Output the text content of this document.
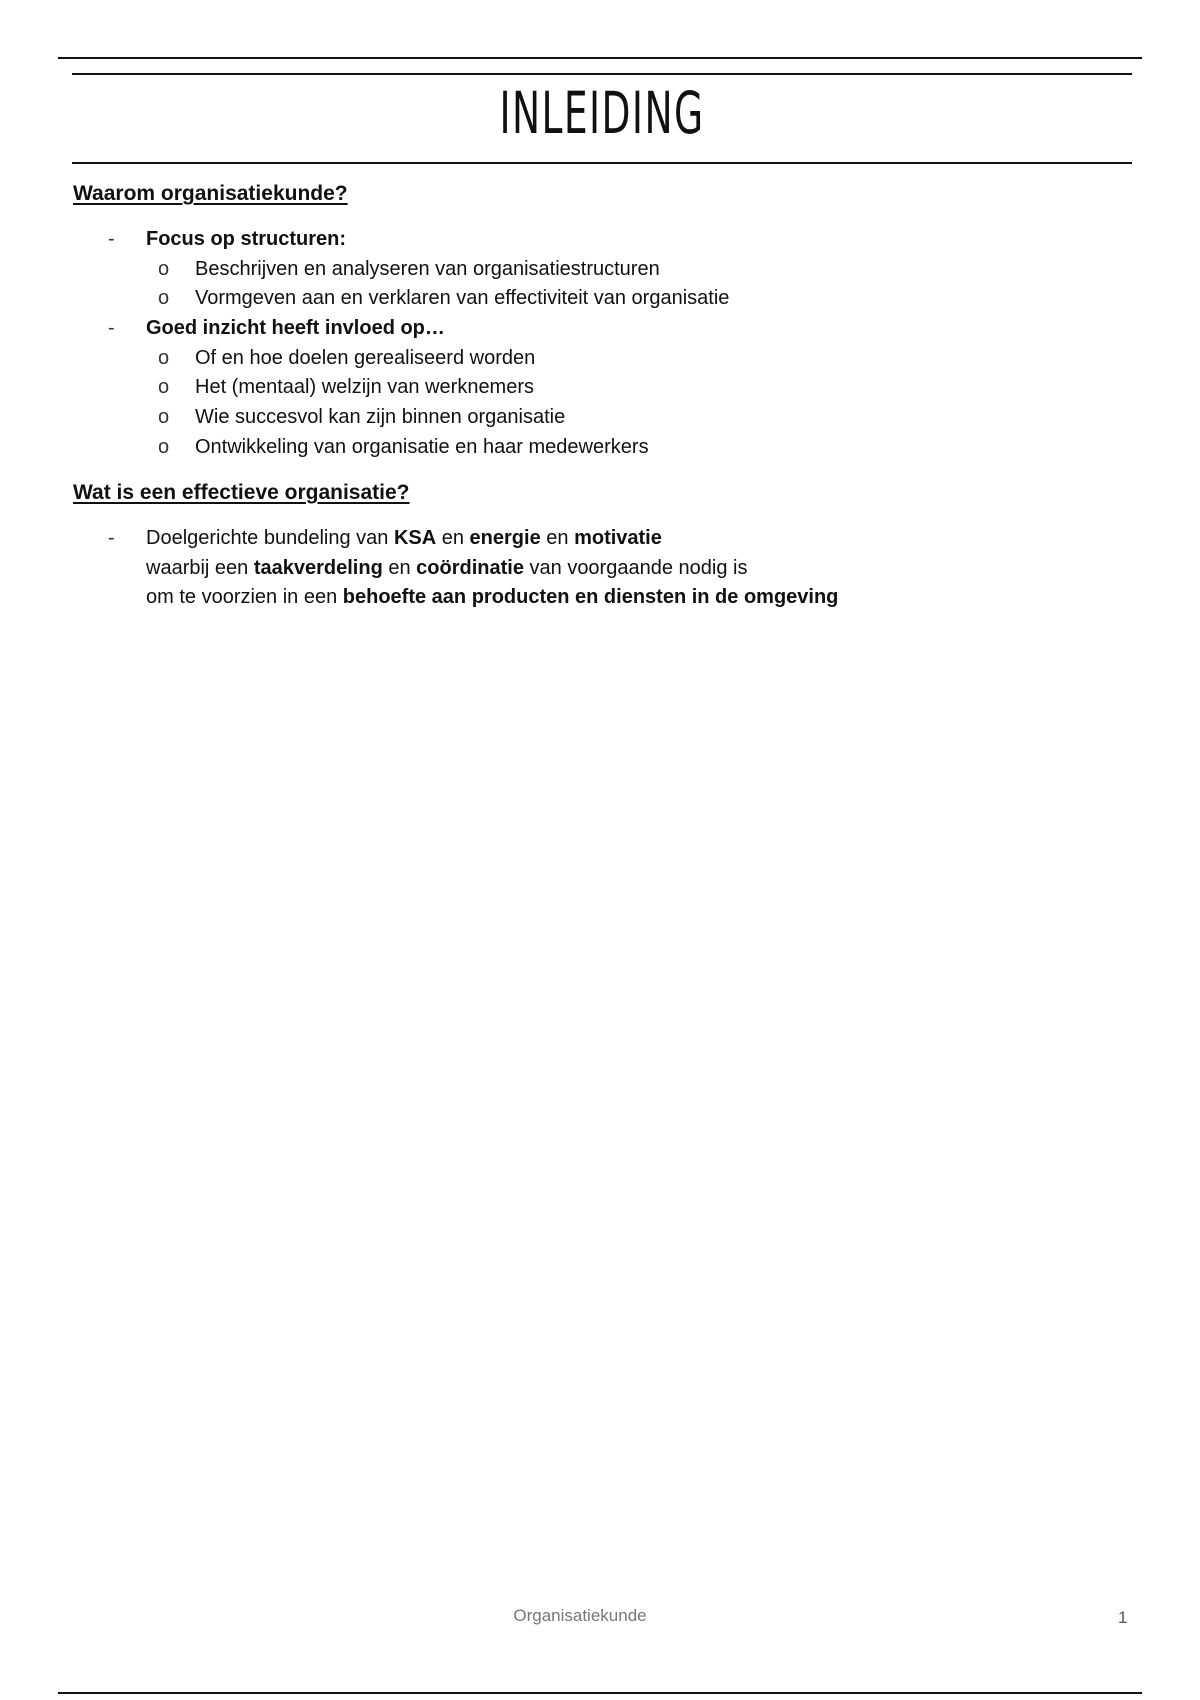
INLEIDING
Waarom organisatiekunde?
-	Focus op structuren:
o Beschrijven en analyseren van organisatiestructuren
o Vormgeven aan en verklaren van effectiviteit van organisatie
-	Goed inzicht heeft invloed op…
o Of en hoe doelen gerealiseerd worden
o Het (mentaal) welzijn van werknemers
o Wie succesvol kan zijn binnen organisatie
o Ontwikkeling van organisatie en haar medewerkers
Wat is een effectieve organisatie?
- Doelgerichte bundeling van KSA en energie en motivatie
waarbij een taakverdeling en coördinatie van voorgaande nodig is
om te voorzien in een behoefte aan producten en diensten in de omgeving
Organisatiekunde	1
